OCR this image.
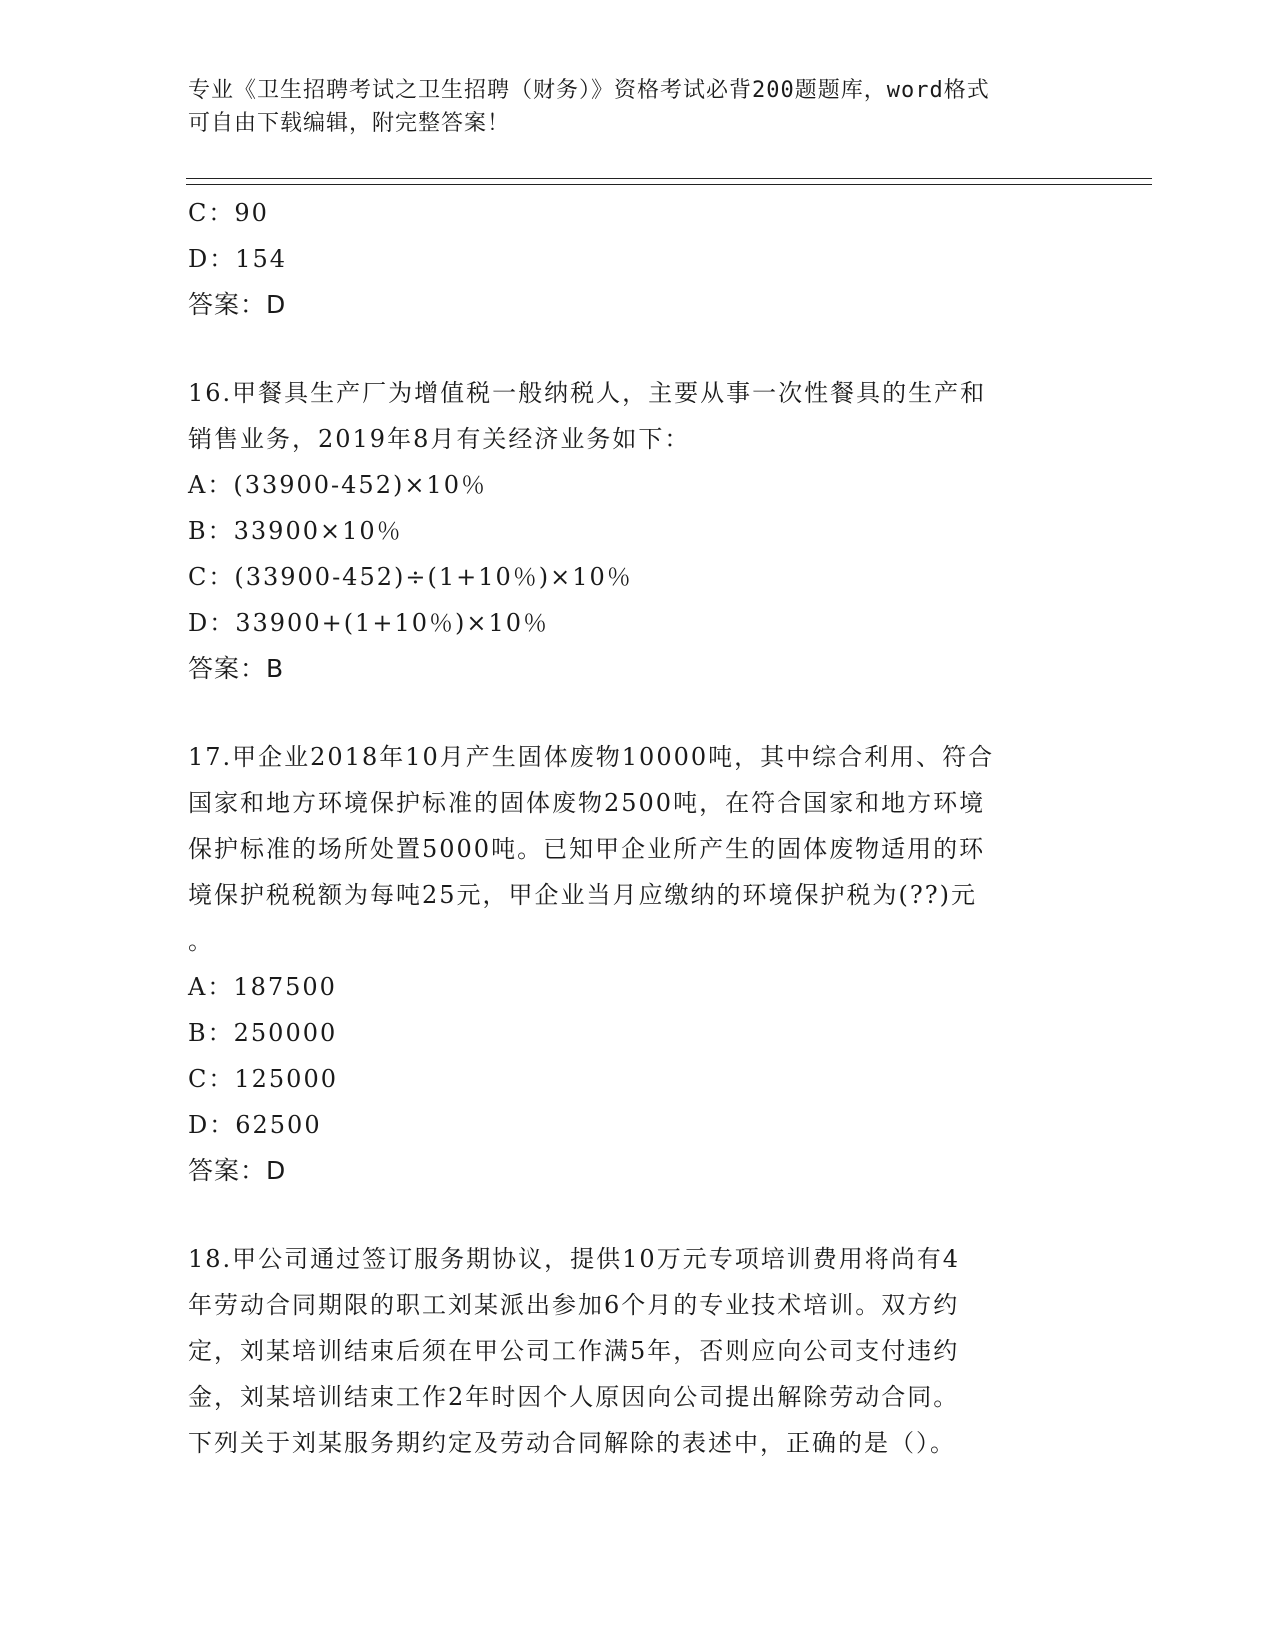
专业《卫生招聘考试之卫生招聘（财务）》资格考试必背200题题库，word格式
可自由下载编辑，附完整答案！
C：90
D：154
答案：D
16.甲餐具生产厂为增值税一般纳税人，主要从事一次性餐具的生产和
销售业务，2019年8月有关经济业务如下：
A：(33900-452)×10％
B：33900×10％
C：(33900-452)÷(1+10％)×10％
D：33900+(1+10％)×10％
答案：B
17.甲企业2018年10月产生固体废物10000吨，其中综合利用、符合
国家和地方环境保护标准的固体废物2500吨，在符合国家和地方环境
保护标准的场所处置5000吨。已知甲企业所产生的固体废物适用的环
境保护税税额为每吨25元，甲企业当月应缴纳的环境保护税为(??)元
。
A：187500
B：250000
C：125000
D：62500
答案：D
18.甲公司通过签订服务期协议，提供10万元专项培训费用将尚有4
年劳动合同期限的职工刘某派出参加6个月的专业技术培训。双方约
定，刘某培训结束后须在甲公司工作满5年，否则应向公司支付违约
金，刘某培训结束工作2年时因个人原因向公司提出解除劳动合同。
下列关于刘某服务期约定及劳动合同解除的表述中，正确的是（）。
